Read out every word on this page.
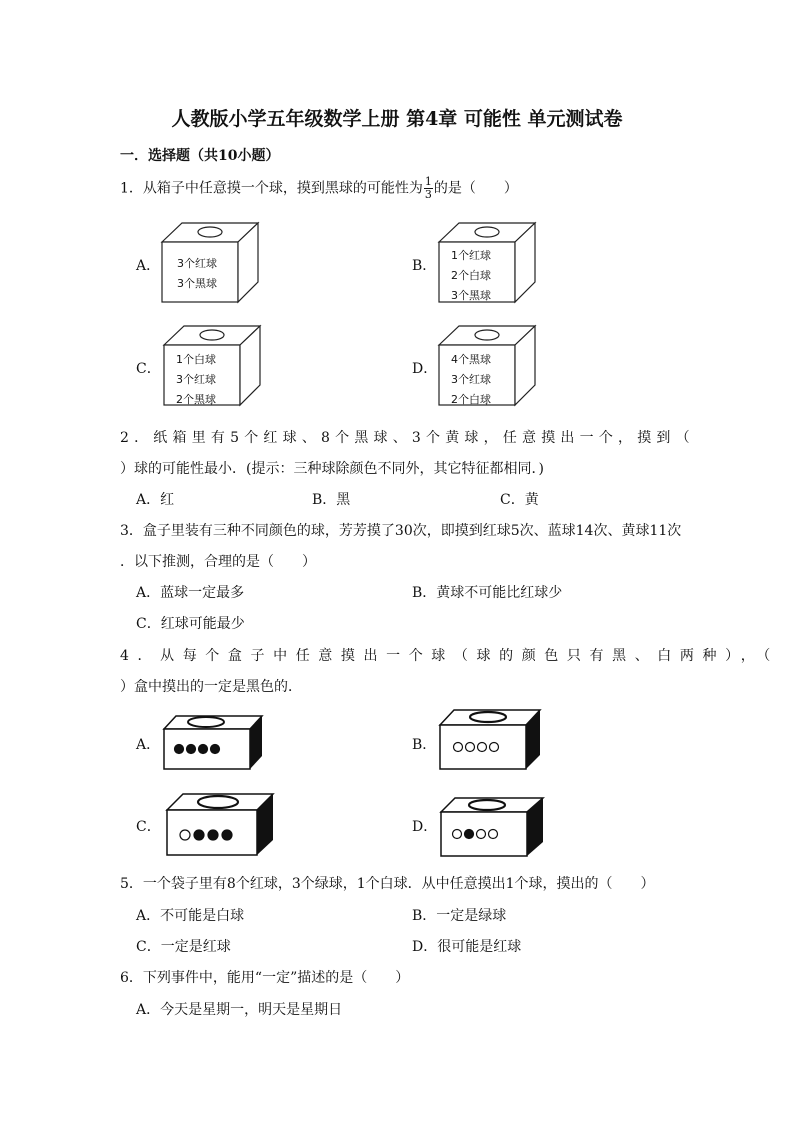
人教版小学五年级数学上册 第4章 可能性 单元测试卷
一．选择题（共10小题）
1．从箱子中任意摸一个球，摸到黑球的可能性为 $\frac{1}{3}$ 的是（　　）
A． 3个红球
3个黑球
B．
1个红球
2个白球
3个黑球
C．
1个白球
3个红球
2个黑球
D．
4个黑球
3个红球
2个白球
2．纸箱里有5个红球、8个黑球、3个黄球，任意摸出一个，摸到（
）球的可能性最小．(提示：三种球除颜色不同外，其它特征都相同．)
A．红	B．黑	C．黄
3．盒子里装有三种不同颜色的球，芳芳摸了30次，即摸到红球5次、蓝球14次、黄球11次
．以下推测，合理的是（　　）
A．蓝球一定最多	B．黄球不可能比红球少
C．红球可能最少
4．从每个盒子中任意摸出一个球（球的颜色只有黑、白两种），（
）盒中摸出的一定是黑色的．
A．	B．
C．	D．
5．一个袋子里有8个红球，3个绿球，1个白球．从中任意摸出1个球，摸出的（　　）
A．不可能是白球	B．一定是绿球
C．一定是红球	D．很可能是红球
6．下列事件中，能用“一定”描述的是（　　）
A．今天是星期一，明天是星期日
